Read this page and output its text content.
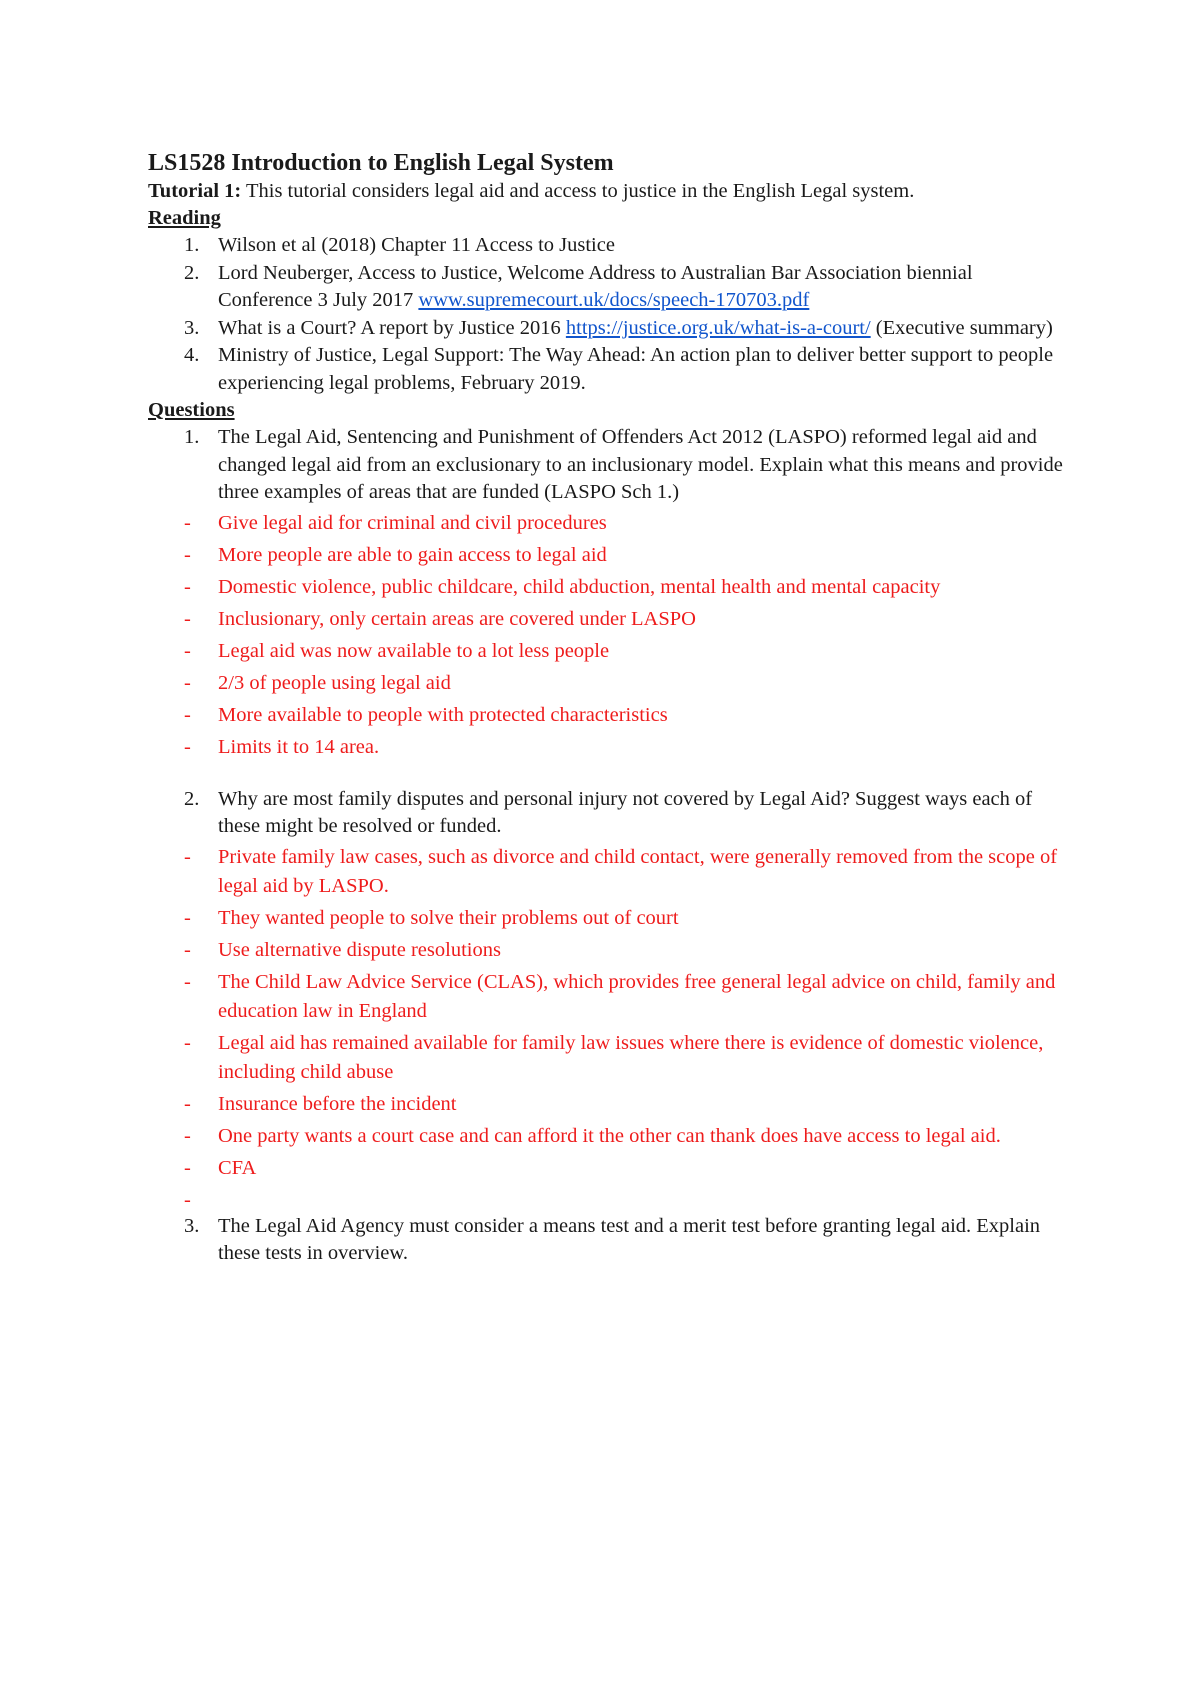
LS1528 Introduction to English Legal System

Tutorial 1: This tutorial considers legal aid and access to justice in the English Legal system.

Reading

1. Wilson et al (2018) Chapter 11 Access to Justice
2. Lord Neuberger, Access to Justice, Welcome Address to Australian Bar Association biennial Conference 3 July 2017 www.supremecourt.uk/docs/speech-170703.pdf
3. What is a Court? A report by Justice 2016 https://justice.org.uk/what-is-a-court/ (Executive summary)
4. Ministry of Justice, Legal Support: The Way Ahead: An action plan to deliver better support to people experiencing legal problems, February 2019.

Questions

1. The Legal Aid, Sentencing and Punishment of Offenders Act 2012 (LASPO) reformed legal aid and changed legal aid from an exclusionary to an inclusionary model. Explain what this means and provide three examples of areas that are funded (LASPO Sch 1.)
- Give legal aid for criminal and civil procedures
- More people are able to gain access to legal aid
- Domestic violence, public childcare, child abduction, mental health and mental capacity
- Inclusionary, only certain areas are covered under LASPO
- Legal aid was now available to a lot less people
- 2/3 of people using legal aid
- More available to people with protected characteristics
- Limits it to 14 area.
2. Why are most family disputes and personal injury not covered by Legal Aid? Suggest ways each of these might be resolved or funded.
- Private family law cases, such as divorce and child contact, were generally removed from the scope of legal aid by LASPO.
- They wanted people to solve their problems out of court
- Use alternative dispute resolutions
- The Child Law Advice Service (CLAS), which provides free general legal advice on child, family and education law in England
- Legal aid has remained available for family law issues where there is evidence of domestic violence, including child abuse
- Insurance before the incident
- One party wants a court case and can afford it the other can thank does have access to legal aid.
- CFA
-
3. The Legal Aid Agency must consider a means test and a merit test before granting legal aid. Explain these tests in overview.
